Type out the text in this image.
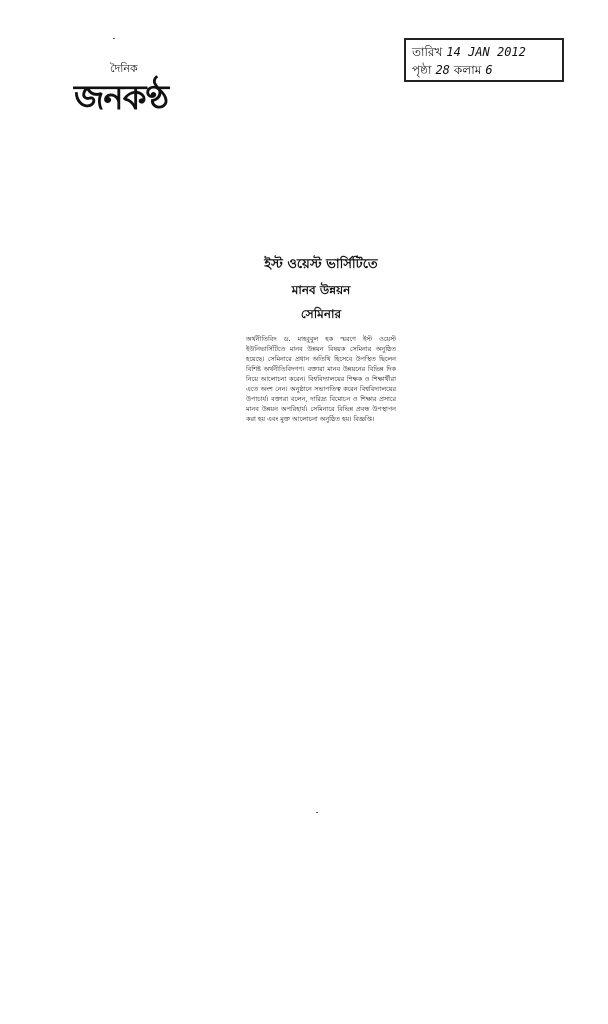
দৈনিক
জনকণ্ঠ
তারিখ 14 JAN 2012
পৃষ্ঠা 28 কলাম 6
ইস্ট ওয়েস্ট ভার্সিটিতে
মানব উন্নয়ন
সেমিনার
অর্থনীতিবিদ ড. মাহবুবুল হক স্মরণে ইস্ট ওয়েস্ট ইউনিভার্সিটিতে মানব উন্নয়ন বিষয়ক সেমিনার অনুষ্ঠিত হয়েছে। সেমিনারে প্রধান অতিথি হিসেবে উপস্থিত ছিলেন বিশিষ্ট অর্থনীতিবিদগণ। বক্তারা মানব উন্নয়নের বিভিন্ন দিক নিয়ে আলোচনা করেন। বিশ্ববিদ্যালয়ের শিক্ষক ও শিক্ষার্থীরা এতে অংশ নেন। অনুষ্ঠানে সভাপতিত্ব করেন বিশ্ববিদ্যালয়ের উপাচার্য। বক্তারা বলেন, দারিদ্র্য বিমোচন ও শিক্ষার প্রসারে মানব উন্নয়ন অপরিহার্য। সেমিনারে বিভিন্ন প্রবন্ধ উপস্থাপন করা হয় এবং মুক্ত আলোচনা অনুষ্ঠিত হয়। বিজ্ঞপ্তি।
